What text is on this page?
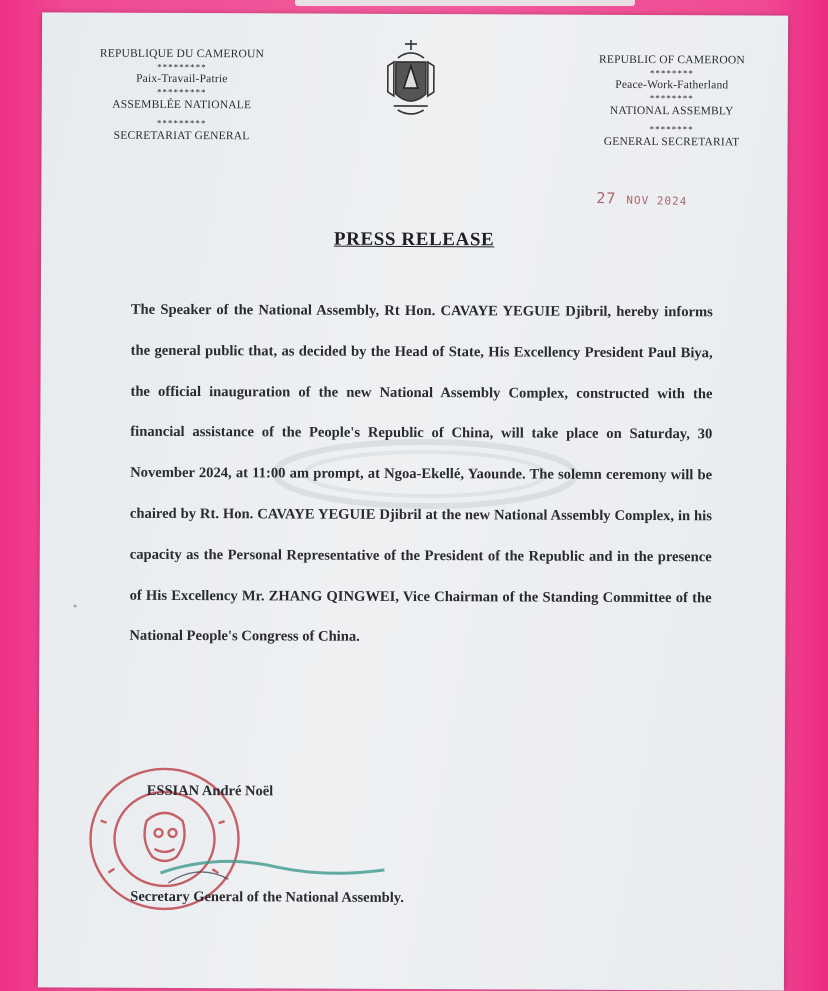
REPUBLIQUE DU CAMEROUN
*********
Paix-Travail-Patrie
*********
ASSEMBLÉE NATIONALE
*********
SECRETARIAT GENERAL
REPUBLIC OF CAMEROON
********
Peace-Work-Fatherland
********
NATIONAL ASSEMBLY
********
GENERAL SECRETARIAT
27 NOV 2024
PRESS RELEASE
The Speaker of the National Assembly, Rt Hon. CAVAYE YEGUIE Djibril, hereby informs the general public that, as decided by the Head of State, His Excellency President Paul Biya, the official inauguration of the new National Assembly Complex, constructed with the financial assistance of the People's Republic of China, will take place on Saturday, 30 November 2024, at 11:00 am prompt, at Ngoa-Ekellé, Yaounde. The solemn ceremony will be chaired by Rt. Hon. CAVAYE YEGUIE Djibril at the new National Assembly Complex, in his capacity as the Personal Representative of the President of the Republic and in the presence of His Excellency Mr. ZHANG QINGWEI, Vice Chairman of the Standing Committee of the National People's Congress of China.
ESSIAN André Noël
Secretary General of the National Assembly.
